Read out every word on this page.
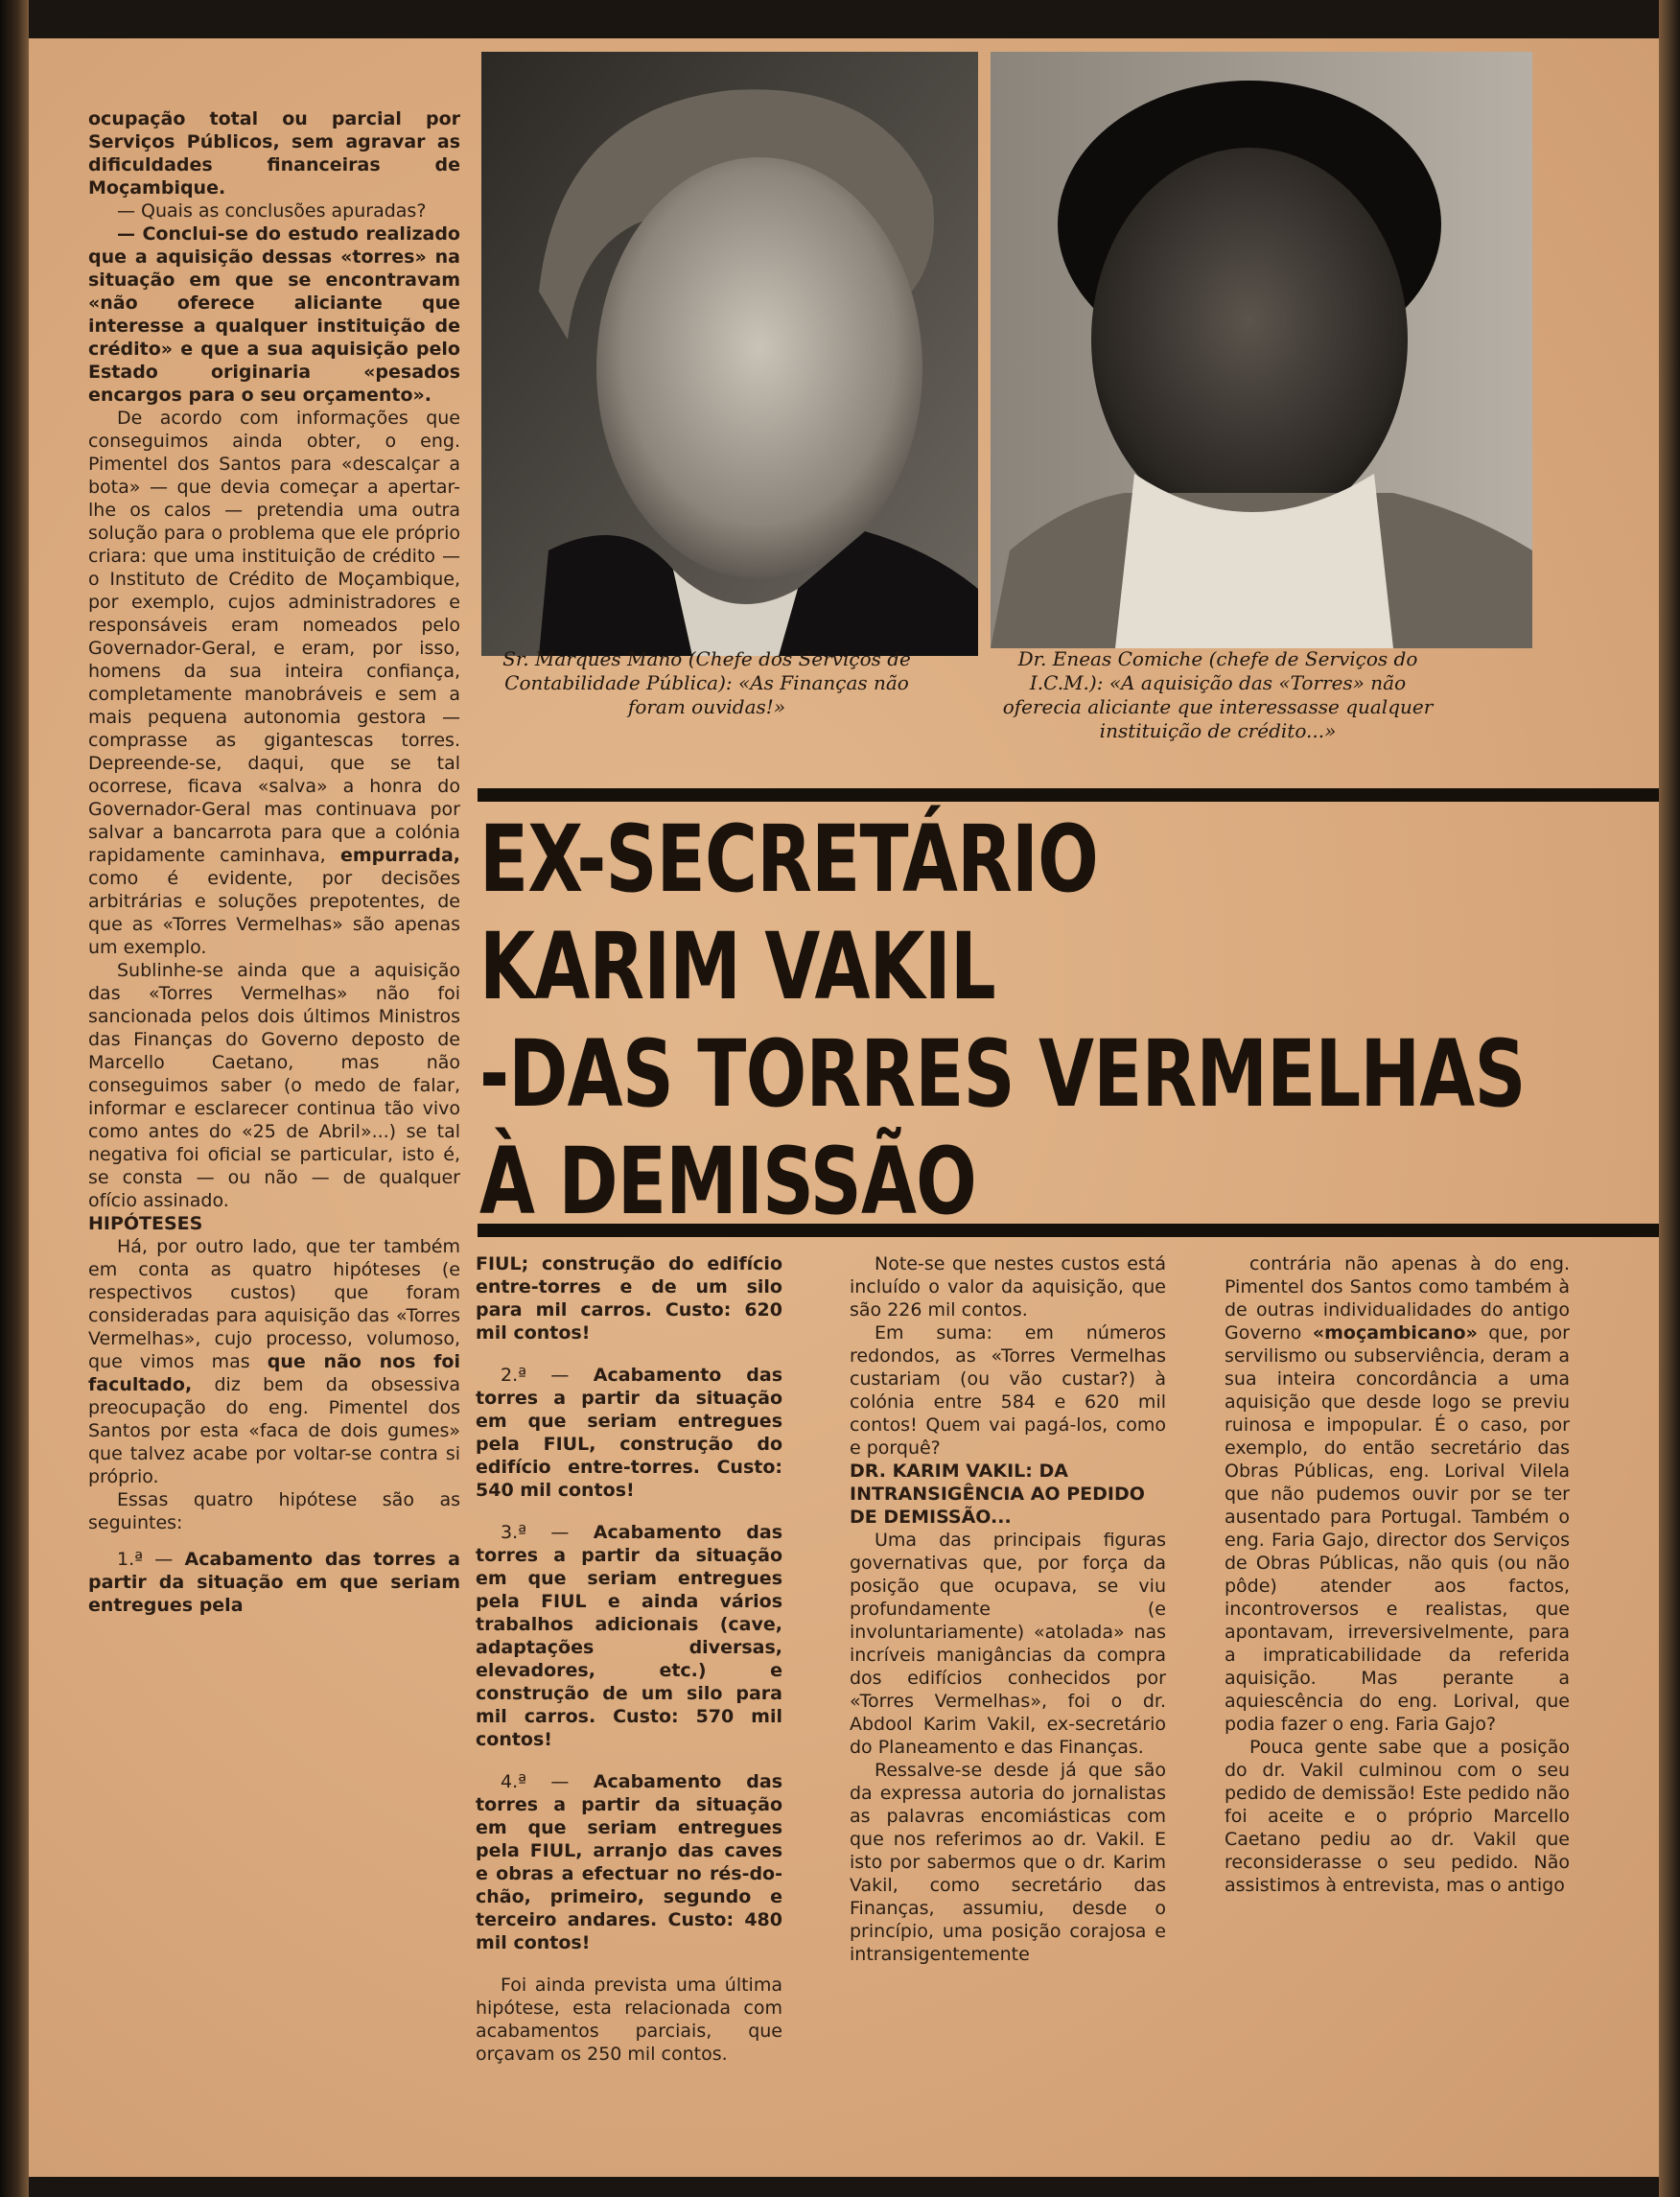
ocupação total ou parcial por Serviços Públicos, sem agravar as dificuldades financeiras de Moçambique.

— Quais as conclusões apuradas?

— Conclui-se do estudo realizado que a aquisição dessas «torres» na situação em que se encontravam «não oferece aliciante que interesse a qualquer instituição de crédito» e que a sua aquisição pelo Estado originaria «pesados encargos para o seu orçamento».

De acordo com informações que conseguimos ainda obter, o eng. Pimentel dos Santos para «descalçar a bota» — que devia começar a apertar-lhe os calos — pretendia uma outra solução para o problema que ele próprio criara: que uma instituição de crédito — o Instituto de Crédito de Moçambique, por exemplo, cujos administradores e responsáveis eram nomeados pelo Governador-Geral, e eram, por isso, homens da sua inteira confiança, completamente manobráveis e sem a mais pequena autonomia gestora — comprasse as gigantescas torres. Depreende-se, daqui, que se tal ocorrese, ficava «salva» a honra do Governador-Geral mas continuava por salvar a bancarrota para que a colónia rapidamente caminhava, empurrada, como é evidente, por decisões arbitrárias e soluções prepotentes, de que as «Torres Vermelhas» são apenas um exemplo.

Sublinhe-se ainda que a aquisição das «Torres Vermelhas» não foi sancionada pelos dois últimos Ministros das Finanças do Governo deposto de Marcello Caetano, mas não conseguimos saber (o medo de falar, informar e esclarecer continua tão vivo como antes do «25 de Abril»...) se tal negativa foi oficial se particular, isto é, se consta — ou não — de qualquer ofício assinado.

HIPÓTESES

Há, por outro lado, que ter também em conta as quatro hipóteses (e respectivos custos) que foram consideradas para aquisição das «Torres Vermelhas», cujo processo, volumoso, que vimos mas que não nos foi facultado, diz bem da obsessiva preocupação do eng. Pimentel dos Santos por esta «faca de dois gumes» que talvez acabe por voltar-se contra si próprio.

Essas quatro hipótese são as seguintes:

1.ª — Acabamento das torres a partir da situação em que seriam entregues pela

Sr. Marques Mano (Chefe dos Serviços de Contabilidade Pública): «As Finanças não foram ouvidas!»
Dr. Eneas Comiche (chefe de Serviços do I.C.M.): «A aquisição das «Torres» não oferecia aliciante que interessasse qualquer instituição de crédito...»
EX-SECRETÁRIO
KARIM VAKIL
-DAS TORRES VERMELHAS
À DEMISSÃO

FIUL; construção do edifício entre-torres e de um silo para mil carros. Custo: 620 mil contos!

2.ª — Acabamento das torres a partir da situação em que seriam entregues pela FIUL, construção do edifício entre-torres. Custo: 540 mil contos!

3.ª — Acabamento das torres a partir da situação em que seriam entregues pela FIUL e ainda vários trabalhos adicionais (cave, adaptações diversas, elevadores, etc.) e construção de um silo para mil carros. Custo: 570 mil contos!

4.ª — Acabamento das torres a partir da situação em que seriam entregues pela FIUL, arranjo das caves e obras a efectuar no rés-do-chão, primeiro, segundo e terceiro andares. Custo: 480 mil contos!

Foi ainda prevista uma última hipótese, esta relacionada com acabamentos parciais, que orçavam os 250 mil contos.

Note-se que nestes custos está incluído o valor da aquisição, que são 226 mil contos.

Em suma: em números redondos, as «Torres Vermelhas custariam (ou vão custar?) à colónia entre 584 e 620 mil contos! Quem vai pagá-los, como e porquê?

DR. KARIM VAKIL: DA INTRANSIGÊNCIA AO PEDIDO DE DEMISSÃO...

Uma das principais figuras governativas que, por força da posição que ocupava, se viu profundamente (e involuntariamente) «atolada» nas incríveis manigâncias da compra dos edifícios conhecidos por «Torres Vermelhas», foi o dr. Abdool Karim Vakil, ex-secretário do Planeamento e das Finanças.

Ressalve-se desde já que são da expressa autoria do jornalistas as palavras encomiásticas com que nos referimos ao dr. Vakil. E isto por sabermos que o dr. Karim Vakil, como secretário das Finanças, assumiu, desde o princípio, uma posição corajosa e intransigentemente

contrária não apenas à do eng. Pimentel dos Santos como também à de outras individualidades do antigo Governo «moçambicano» que, por servilismo ou subserviência, deram a sua inteira concordância a uma aquisição que desde logo se previu ruinosa e impopular. É o caso, por exemplo, do então secretário das Obras Públicas, eng. Lorival Vilela que não pudemos ouvir por se ter ausentado para Portugal. Também o eng. Faria Gajo, director dos Serviços de Obras Públicas, não quis (ou não pôde) atender aos factos, incontroversos e realistas, que apontavam, irreversivelmente, para a impraticabilidade da referida aquisição. Mas perante a aquiescência do eng. Lorival, que podia fazer o eng. Faria Gajo?

Pouca gente sabe que a posição do dr. Vakil culminou com o seu pedido de demissão! Este pedido não foi aceite e o próprio Marcello Caetano pediu ao dr. Vakil que reconsiderasse o seu pedido. Não assistimos à entrevista, mas o antigo
